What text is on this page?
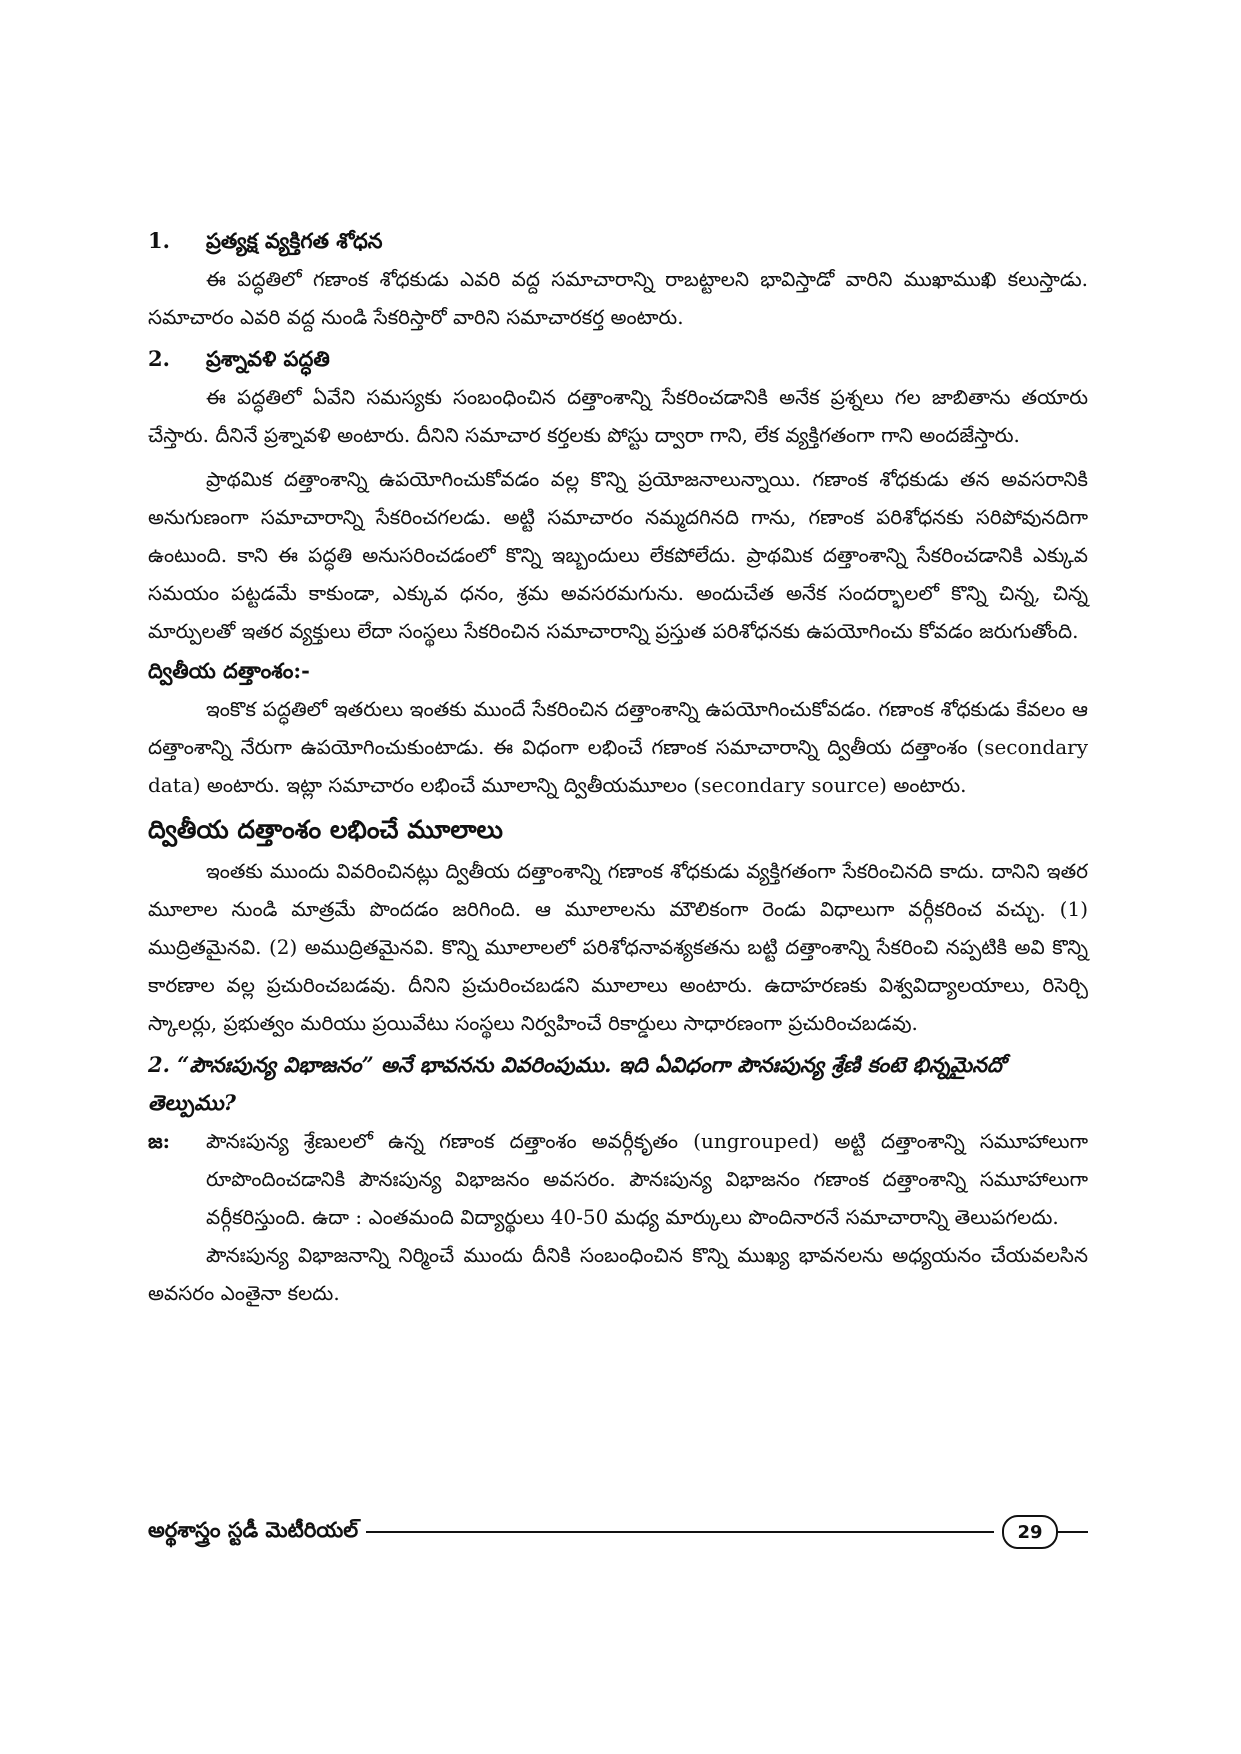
1.	ప్రత్యక్ష వ్యక్తిగత శోధన

ఈ పద్ధతిలో గణాంక శోధకుడు ఎవరి వద్ద సమాచారాన్ని రాబట్టాలని భావిస్తాడో వారిని ముఖాముఖి కలుస్తాడు. సమాచారం ఎవరి వద్ద నుండి సేకరిస్తారో వారిని సమాచారకర్త అంటారు.

2.	ప్రశ్నావళి పద్ధతి

ఈ పద్ధతిలో ఏవేని సమస్యకు సంబంధించిన దత్తాంశాన్ని సేకరించడానికి అనేక ప్రశ్నలు గల జాబితాను తయారు చేస్తారు. దీనినే ప్రశ్నావళి అంటారు. దీనిని సమాచార కర్తలకు పోస్టు ద్వారా గాని, లేక వ్యక్తిగతంగా గాని అందజేస్తారు.

ప్రాథమిక దత్తాంశాన్ని ఉపయోగించుకోవడం వల్ల కొన్ని ప్రయోజనాలున్నాయి. గణాంక శోధకుడు తన అవసరానికి అనుగుణంగా సమాచారాన్ని సేకరించగలడు. అట్టి సమాచారం నమ్మదగినది గాను, గణాంక పరిశోధనకు సరిపోవునదిగా ఉంటుంది. కాని ఈ పద్ధతి అనుసరించడంలో కొన్ని ఇబ్బందులు లేకపోలేదు. ప్రాథమిక దత్తాంశాన్ని సేకరించడానికి ఎక్కువ సమయం పట్టడమే కాకుండా, ఎక్కువ ధనం, శ్రమ అవసరమగును. అందుచేత అనేక సందర్భాలలో కొన్ని చిన్న, చిన్న మార్పులతో ఇతర వ్యక్తులు లేదా సంస్థలు సేకరించిన సమాచారాన్ని ప్రస్తుత పరిశోధనకు ఉపయోగించు కోవడం జరుగుతోంది.

ద్వితీయ దత్తాంశం:-

ఇంకొక పద్ధతిలో ఇతరులు ఇంతకు ముందే సేకరించిన దత్తాంశాన్ని ఉపయోగించుకోవడం. గణాంక శోధకుడు కేవలం ఆ దత్తాంశాన్ని నేరుగా ఉపయోగించుకుంటాడు. ఈ విధంగా లభించే గణాంక సమాచారాన్ని ద్వితీయ దత్తాంశం (secondary data) అంటారు. ఇట్లా సమాచారం లభించే మూలాన్ని ద్వితీయమూలం (secondary source) అంటారు.

ద్వితీయ దత్తాంశం లభించే మూలాలు

ఇంతకు ముందు వివరించినట్లు ద్వితీయ దత్తాంశాన్ని గణాంక శోధకుడు వ్యక్తిగతంగా సేకరించినది కాదు. దానిని ఇతర మూలాల నుండి మాత్రమే పొందడం జరిగింది. ఆ మూలాలను మౌలికంగా రెండు విధాలుగా వర్గీకరించ వచ్చు. (1) ముద్రితమైనవి. (2) అముద్రితమైనవి. కొన్ని మూలాలలో పరిశోధనావశ్యకతను బట్టి దత్తాంశాన్ని సేకరించి నప్పటికి అవి కొన్ని కారణాల వల్ల ప్రచురించబడవు. దీనిని ప్రచురించబడని మూలాలు అంటారు. ఉదాహరణకు విశ్వవిద్యాలయాలు, రిసెర్చి స్కాలర్లు, ప్రభుత్వం మరియు ప్రయివేటు సంస్థలు నిర్వహించే రికార్డులు సాధారణంగా ప్రచురించబడవు.

2. “పౌనఃపున్య విభాజనం” అనే భావనను వివరింపుము. ఇది ఏవిధంగా పౌనఃపున్య శ్రేణి కంటె భిన్నమైనదో తెల్పుము?
జ:	పౌనఃపున్య శ్రేణులలో ఉన్న గణాంక దత్తాంశం అవర్గీకృతం (ungrouped) అట్టి దత్తాంశాన్ని సమూహాలుగా రూపొందించడానికి పౌనఃపున్య విభాజనం అవసరం. పౌనఃపున్య విభాజనం గణాంక దత్తాంశాన్ని సమూహాలుగా వర్గీకరిస్తుంది. ఉదా : ఎంతమంది విద్యార్థులు 40-50 మధ్య మార్కులు పొందినారనే సమాచారాన్ని తెలుపగలదు.

పౌనఃపున్య విభాజనాన్ని నిర్మించే ముందు దీనికి సంబంధించిన కొన్ని ముఖ్య భావనలను అధ్యయనం చేయవలసిన అవసరం ఎంతైనా కలదు.

అర్థశాస్త్రం స్టడీ మెటీరియల్	29
